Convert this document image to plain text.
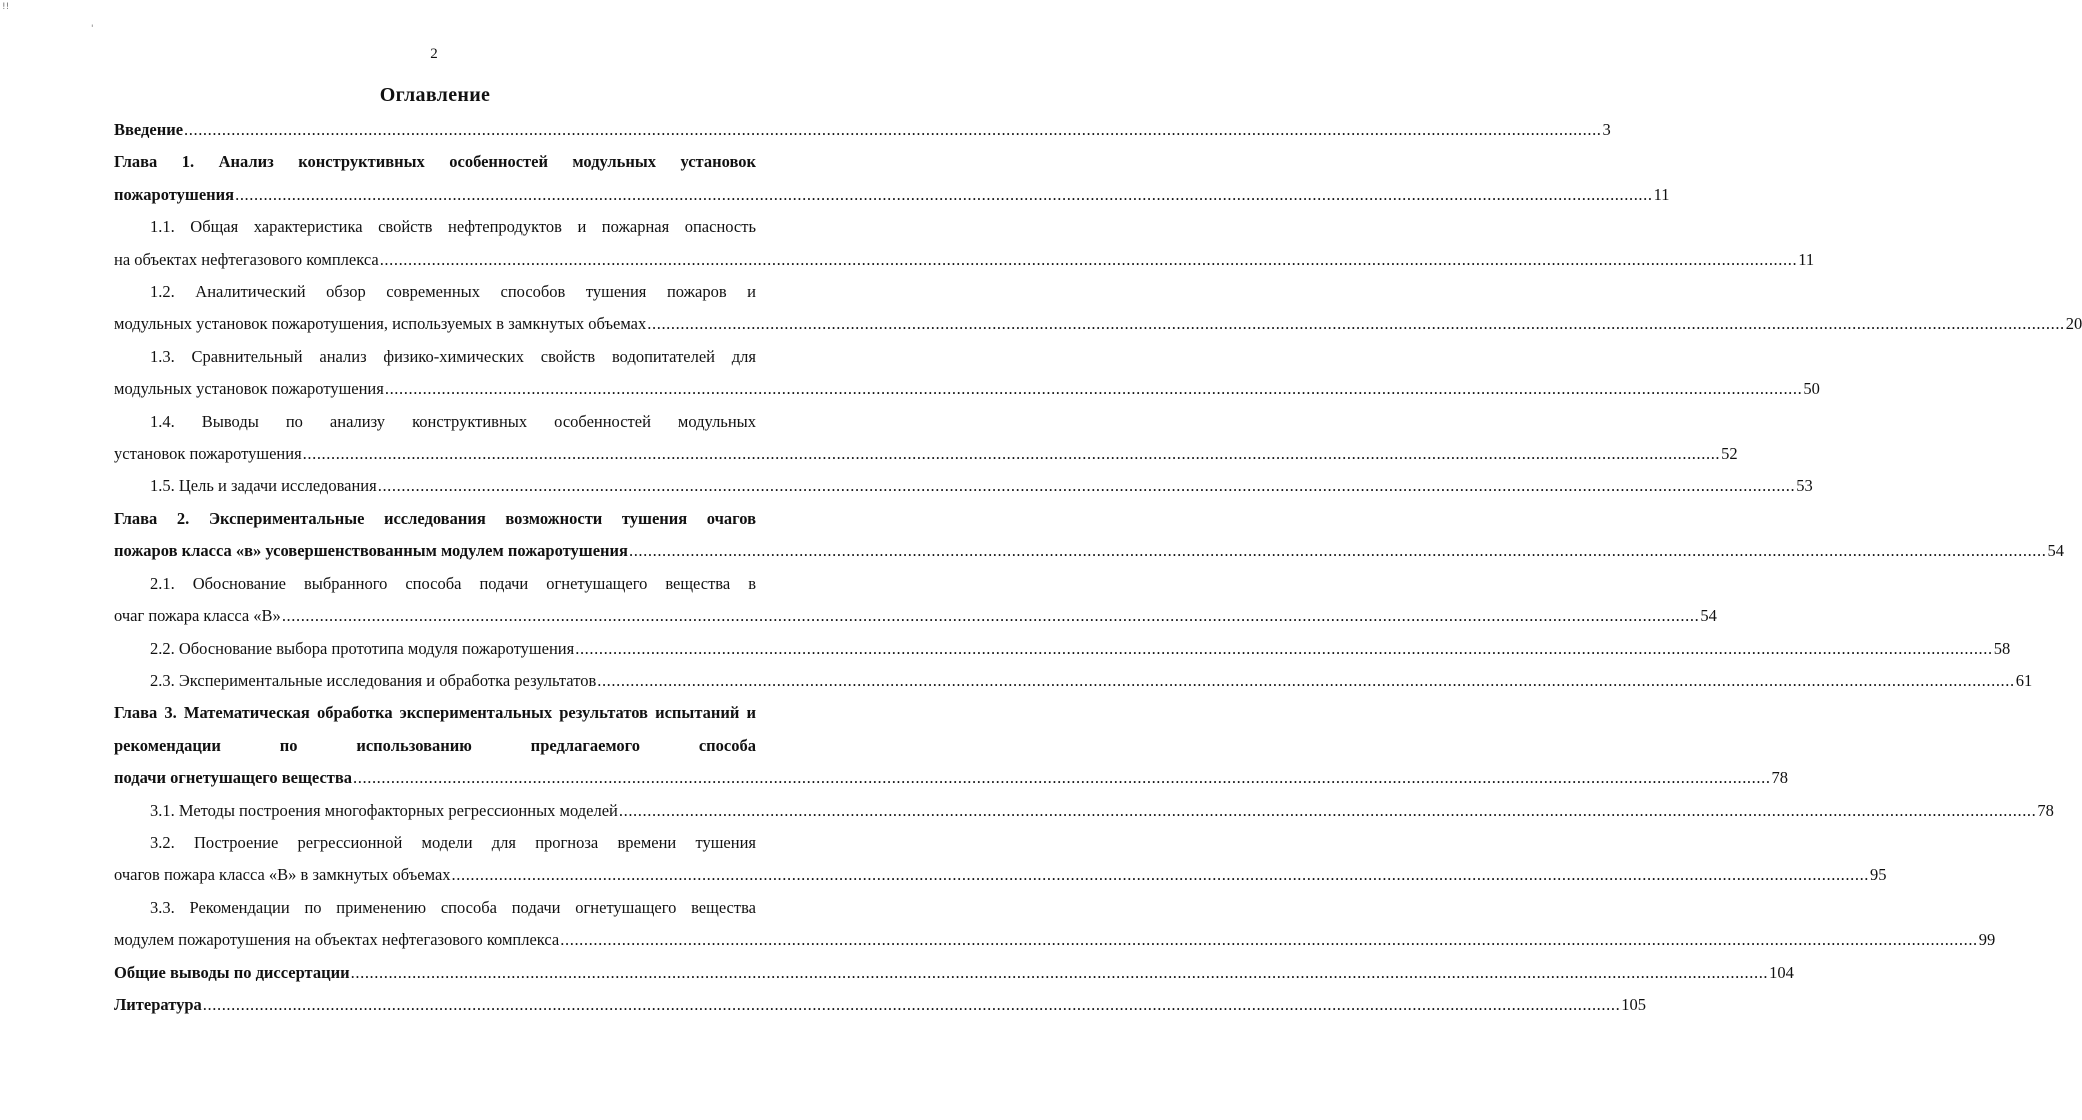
!!
'
2
Оглавление
Введение ............................................................................................................................................................................................................................................................................................................ 3
Глава 1. Анализ конструктивных особенностей модульных установок
пожаротушения ............................................................................................................................................................................................................................................................................................................ 11
1.1. Общая характеристика свойств нефтепродуктов и пожарная опасность
на объектах нефтегазового комплекса ............................................................................................................................................................................................................................................................................................................ 11
1.2. Аналитический обзор современных способов тушения пожаров и
модульных установок пожаротушения, используемых в замкнутых объемах ............................................................................................................................................................................................................................................................................................................ 20
1.3. Сравнительный анализ физико-химических свойств водопитателей для
модульных установок пожаротушения ............................................................................................................................................................................................................................................................................................................ 50
1.4. Выводы по анализу конструктивных особенностей модульных
установок пожаротушения ............................................................................................................................................................................................................................................................................................................ 52
1.5. Цель и задачи исследования ............................................................................................................................................................................................................................................................................................................ 53
Глава 2. Экспериментальные исследования возможности тушения очагов
пожаров класса «в» усовершенствованным модулем пожаротушения ............................................................................................................................................................................................................................................................................................................ 54
2.1. Обоснование выбранного способа подачи огнетушащего вещества в
очаг пожара класса «В» ............................................................................................................................................................................................................................................................................................................ 54
2.2. Обоснование выбора прототипа модуля пожаротушения ............................................................................................................................................................................................................................................................................................................ 58
2.3. Экспериментальные исследования и обработка результатов ............................................................................................................................................................................................................................................................................................................ 61
Глава 3. Математическая обработка экспериментальных результатов испытаний и рекомендации по использованию предлагаемого способа
подачи огнетушащего вещества ............................................................................................................................................................................................................................................................................................................ 78
3.1. Методы построения многофакторных регрессионных моделей ............................................................................................................................................................................................................................................................................................................ 78
3.2. Построение регрессионной модели для прогноза времени тушения
очагов пожара класса «В» в замкнутых объемах ............................................................................................................................................................................................................................................................................................................ 95
3.3. Рекомендации по применению способа подачи огнетушащего вещества
модулем пожаротушения на объектах нефтегазового комплекса ............................................................................................................................................................................................................................................................................................................ 99
Общие выводы по диссертации ............................................................................................................................................................................................................................................................................................................ 104
Литература ............................................................................................................................................................................................................................................................................................................ 105
